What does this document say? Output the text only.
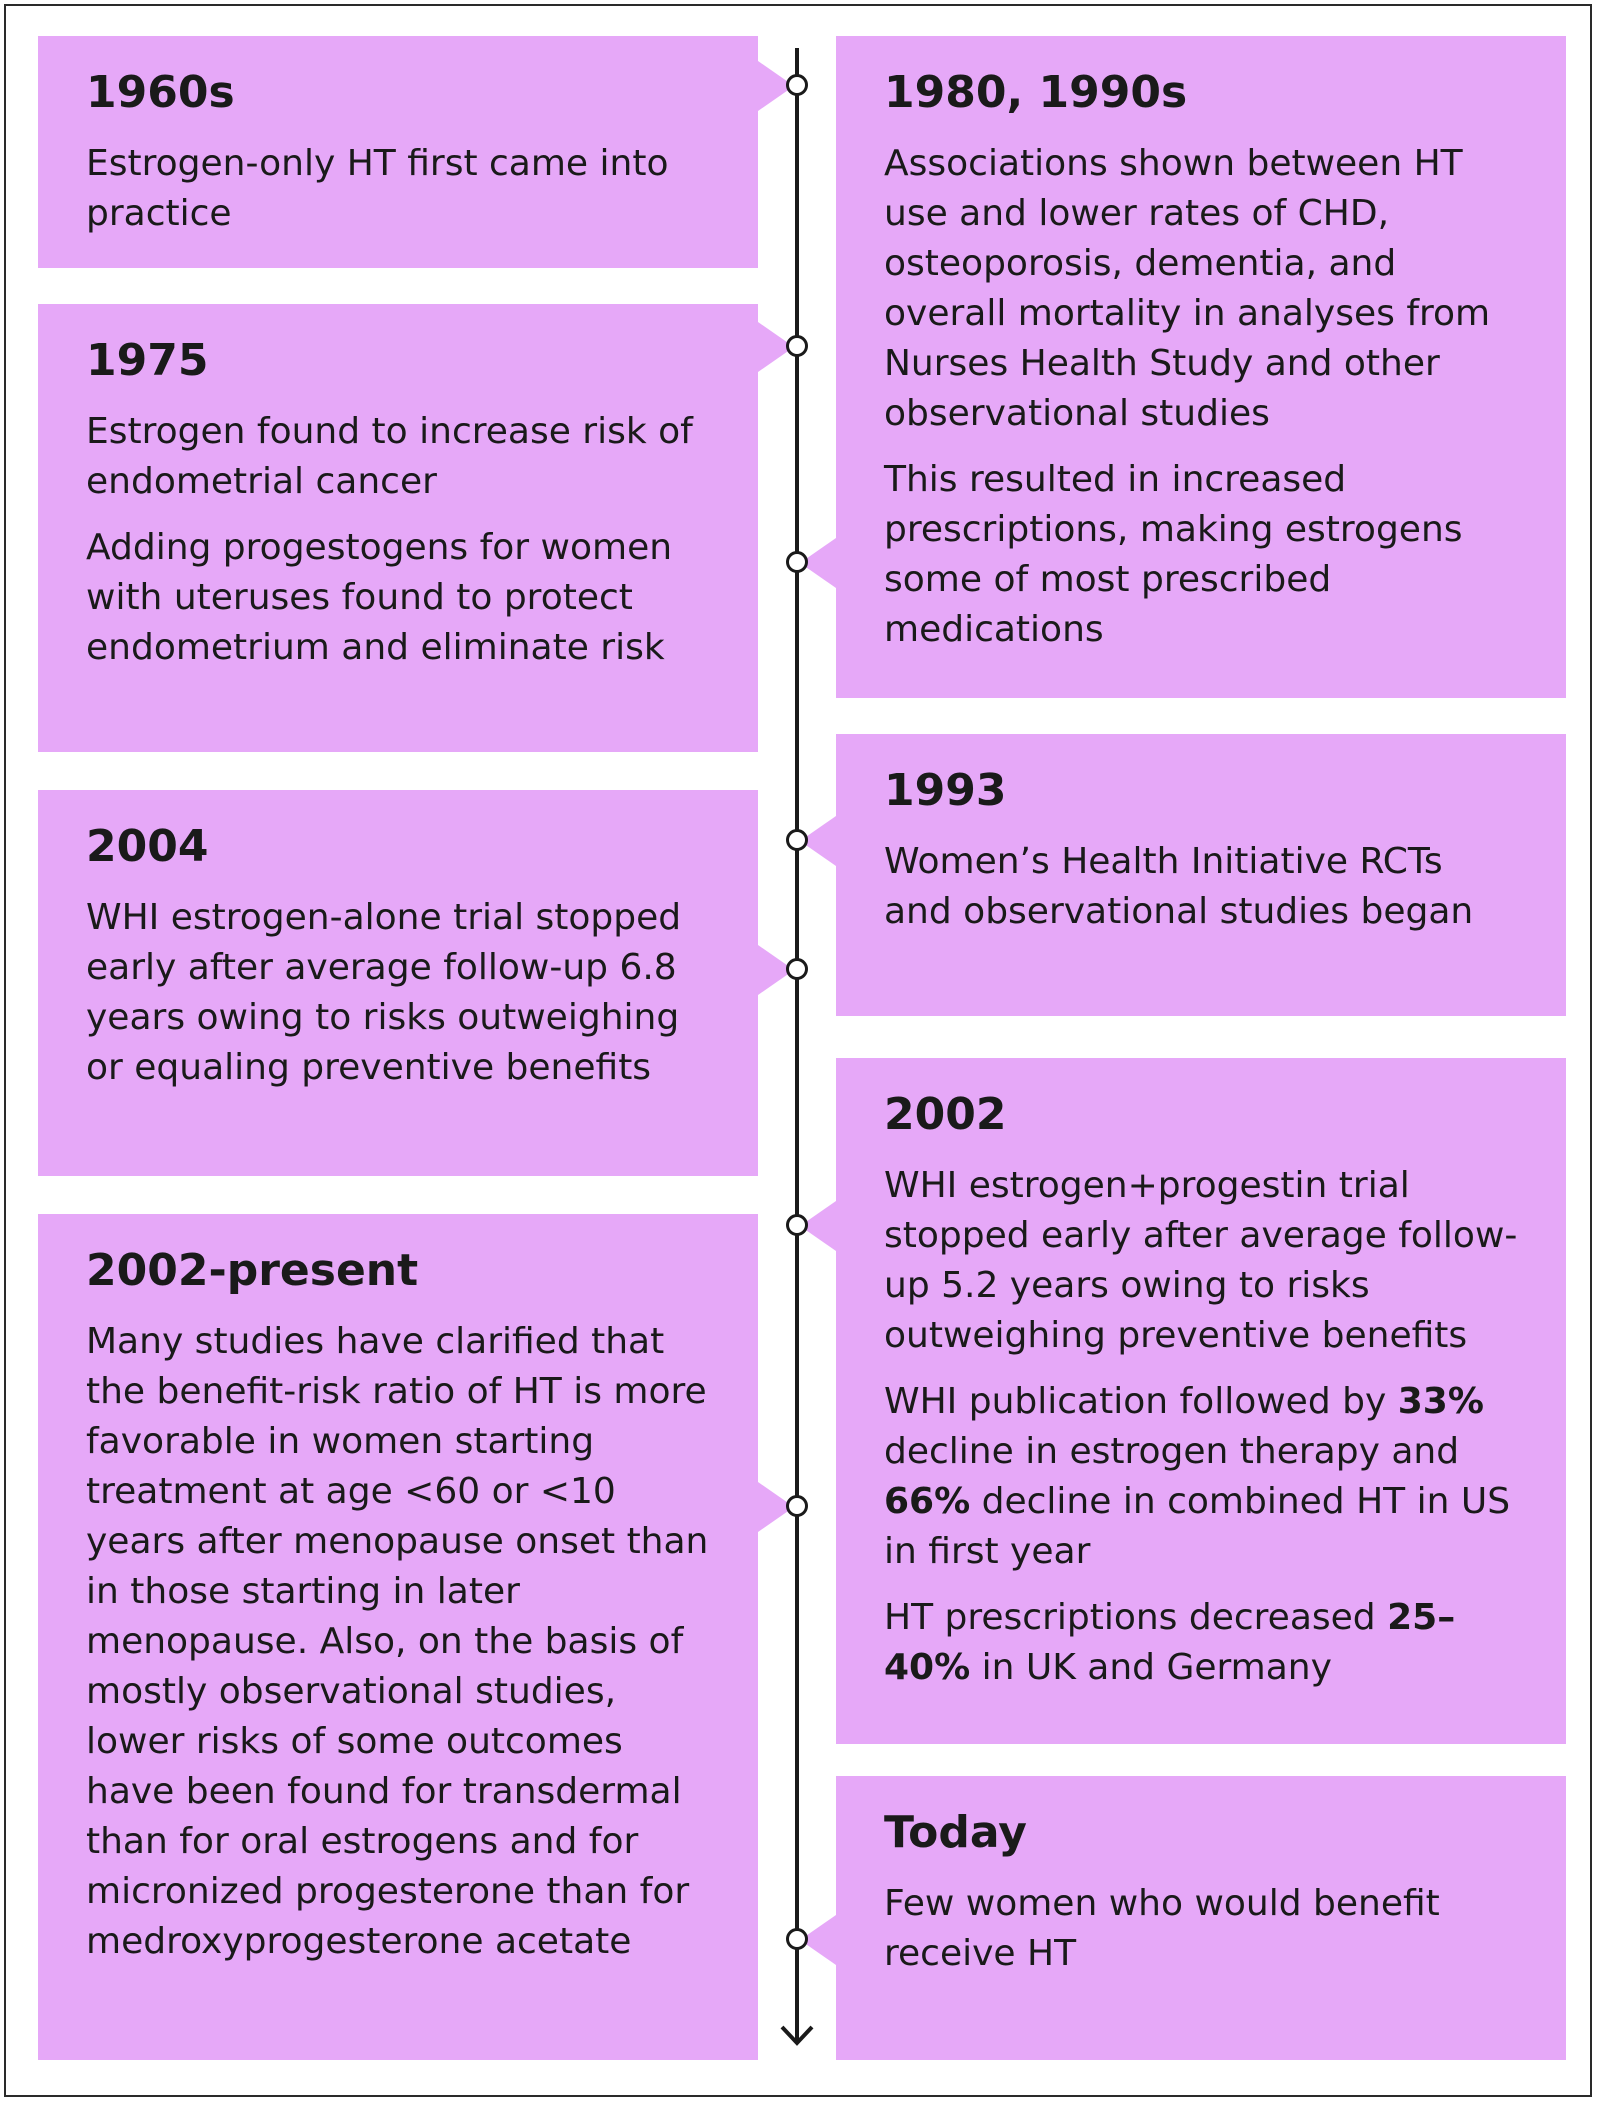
1960s

Estrogen-only HT first came into practice

1975

Estrogen found to increase risk of endometrial cancer

Adding progestogens for women with uteruses found to protect endometrium and eliminate risk

2004

WHI estrogen-alone trial stopped early after average follow-up 6.8 years owing to risks outweighing or equaling preventive benefits

2002-present

Many studies have clarified that the benefit-risk ratio of HT is more favorable in women starting treatment at age <60 or <10 years after menopause onset than in those starting in later menopause. Also, on the basis of mostly observational studies, lower risks of some outcomes have been found for transdermal than for oral estrogens and for micronized progesterone than for medroxyprogesterone acetate

1980, 1990s

Associations shown between HT use and lower rates of CHD, osteoporosis, dementia, and overall mortality in analyses from Nurses Health Study and other observational studies

This resulted in increased prescriptions, making estrogens some of most prescribed medications

1993

Women’s Health Initiative RCTs and observational studies began

2002

WHI estrogen+progestin trial stopped early after average follow-up 5.2 years owing to risks outweighing preventive benefits

WHI publication followed by 33% decline in estrogen therapy and 66% decline in combined HT in US in first year

HT prescriptions decreased 25–40% in UK and Germany

Today

Few women who would benefit receive HT
